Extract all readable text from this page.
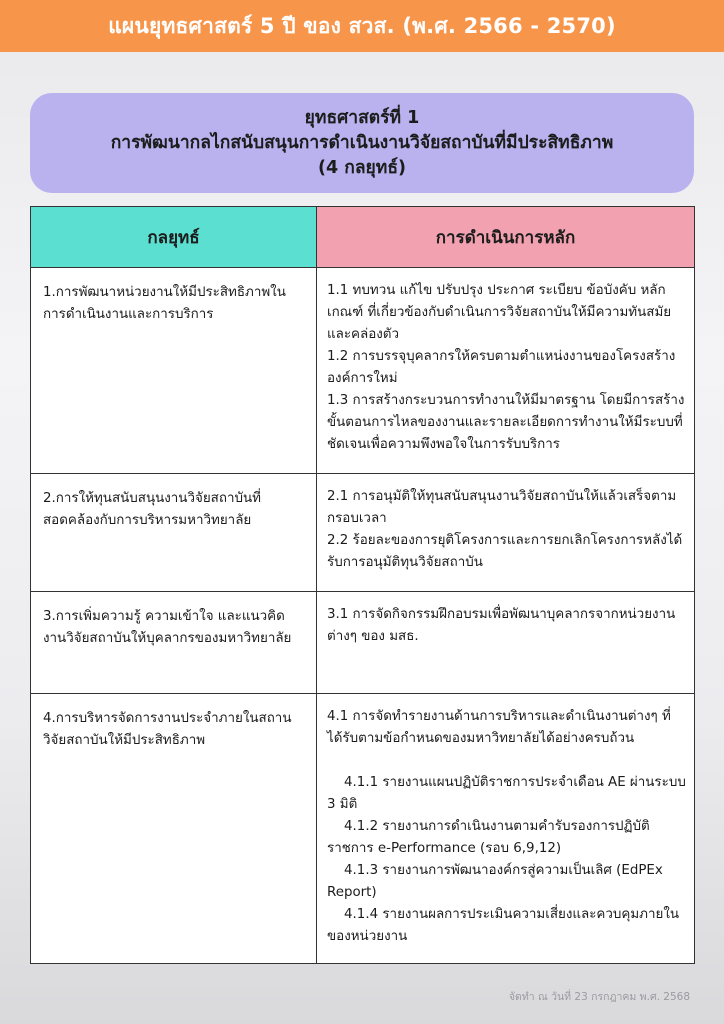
แผนยุทธศาสตร์ 5 ปี ของ สวส. (พ.ศ. 2566 - 2570)
ยุทธศาสตร์ที่ 1
การพัฒนากลไกสนับสนุนการดำเนินงานวิจัยสถาบันที่มีประสิทธิภาพ
(4 กลยุทธ์)
กลยุทธ์	การดำเนินการหลัก
1.การพัฒนาหน่วยงานให้มีประสิทธิภาพในการดำเนินงานและการบริการ	1.1 ทบทวน แก้ไข ปรับปรุง ประกาศ ระเบียบ ข้อบังคับ หลักเกณฑ์ ที่เกี่ยวข้องกับดำเนินการวิจัยสถาบันให้มีความทันสมัยและคล่องตัว
1.2 การบรรจุบุคลากรให้ครบตามตำแหน่งงานของโครงสร้างองค์การใหม่
1.3 การสร้างกระบวนการทำงานให้มีมาตรฐาน โดยมีการสร้างขั้นตอนการไหลของงานและรายละเอียดการทำงานให้มีระบบที่ชัดเจนเพื่อความพึงพอใจในการรับบริการ

2.การให้ทุนสนับสนุนงานวิจัยสถาบันที่สอดคล้องกับการบริหารมหาวิทยาลัย	2.1 การอนุมัติให้ทุนสนับสนุนงานวิจัยสถาบันให้แล้วเสร็จตามกรอบเวลา
2.2 ร้อยละของการยุติโครงการและการยกเลิกโครงการหลังได้รับการอนุมัติทุนวิจัยสถาบัน

3.การเพิ่มความรู้ ความเข้าใจ และแนวคิดงานวิจัยสถาบันให้บุคลากรของมหาวิทยาลัย	3.1 การจัดกิจกรรมฝึกอบรมเพื่อพัฒนาบุคลากรจากหน่วยงานต่างๆ ของ มสธ.

4.การบริหารจัดการงานประจำภายในสถานวิจัยสถาบันให้มีประสิทธิภาพ	4.1 การจัดทำรายงานด้านการบริหารและดำเนินงานต่างๆ ที่ได้รับตามข้อกำหนดของมหาวิทยาลัยได้อย่างครบถ้วน

4.1.1 รายงานแผนปฏิบัติราชการประจำเดือน AE ผ่านระบบ 3 มิติ
4.1.2 รายงานการดำเนินงานตามคำรับรองการปฏิบัติราชการ e-Performance (รอบ 6,9,12)
4.1.3 รายงานการพัฒนาองค์กรสู่ความเป็นเลิศ (EdPEx Report)
4.1.4 รายงานผลการประเมินความเสี่ยงและควบคุมภายในของหน่วยงาน
จัดทำ ณ วันที่ 23 กรกฎาคม พ.ศ. 2568
